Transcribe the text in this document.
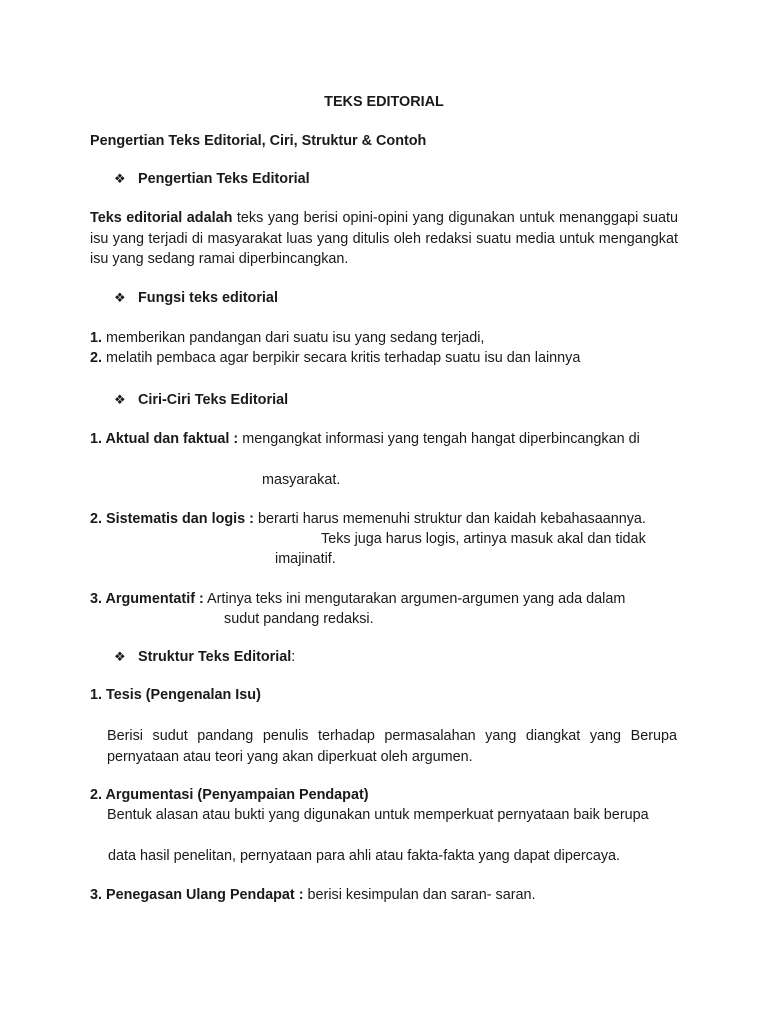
TEKS EDITORIAL
Pengertian Teks Editorial, Ciri, Struktur & Contoh
❖ Pengertian Teks Editorial
Teks editorial adalah teks yang berisi opini-opini yang digunakan untuk menanggapi suatu isu yang terjadi di masyarakat luas yang ditulis oleh redaksi suatu media untuk mengangkat isu yang sedang ramai diperbincangkan.
❖ Fungsi teks editorial
1. memberikan pandangan dari suatu isu yang sedang terjadi,
2. melatih pembaca agar berpikir secara kritis terhadap suatu isu dan lainnya
❖ Ciri-Ciri Teks Editorial
1. Aktual dan faktual : mengangkat informasi yang tengah hangat diperbincangkan di
masyarakat.
2. Sistematis dan logis : berarti harus memenuhi struktur dan kaidah kebahasaannya.
Teks juga harus logis, artinya masuk akal dan tidak
imajinatif.
3. Argumentatif : Artinya teks ini mengutarakan argumen-argumen yang ada dalam
sudut pandang redaksi.
❖ Struktur Teks Editorial:
1. Tesis (Pengenalan Isu)
Berisi sudut pandang penulis terhadap permasalahan yang diangkat yang Berupa pernyataan atau teori yang akan diperkuat oleh argumen.
2. Argumentasi (Penyampaian Pendapat)
Bentuk alasan atau bukti yang digunakan untuk memperkuat pernyataan baik berupa
data hasil penelitan, pernyataan para ahli atau fakta-fakta yang dapat dipercaya.
3. Penegasan Ulang Pendapat : berisi kesimpulan dan saran- saran.
